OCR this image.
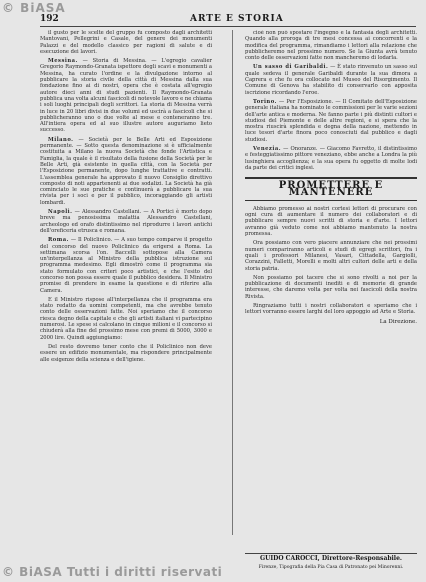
© BiASA
192	ARTE E STORIA

il gusto per le scelte del gruppo fu composto dagli architetti Mantovani, Pellegrini e Casale, del genere dei monumenti Palazzi e del modello classico per ragioni di salute e di esecuzione dei lavori.

Messina. — Storia di Messina. — L'egregio cavalier Gregorio Raymondo-Granata ispettore degli scavi e monumenti a Messina, ha curato l'ordine e la divulgazione intorno al pubblicare la storia civile della città di Messina dalla sua fondazione fino ai di nostri, opera che è costata all'egregio autore dieci anni di studi pazienti. Il Raymondo-Granata pubblica una volta alcuni fascicoli di notevole lavoro e ne chiama i soli luoghi principali degli scrittori. La storia di Messina verrà in luce in 20 libri divisi in due volumi ed uscirà a fascicoli che si pubblicheranno uno o due volte al mese e conteneranno tre. All'intiera opera ed al suo illustre autore auguriamo lieto successo.

Milano. — Società per le Belle Arti ed Esposizione permanente. — Sotto questa denominazione si è ufficialmente costituita a Milano la nuova Società che fonde l'Artistica e Famiglia, la quale è il risultato della fusione della Società per le Belle Arti, già esistente in quella città, con la Società per l'Esposizione permanente, dopo lunghe trattative e contratti. L'assemblea generale ha approvato il nuovo Consiglio direttivo composto di noti appartenenti ai due sodalizi. La Società ha già cominciato le sue pratiche e continuerà a pubblicare la sua rivista per i soci e per il pubblico, incoraggiando gli artisti lombardi.

Napoli. — Alessandro Castellani. — A Portici è morto dopo breve ma penosissima malattia Alessandro Castellani, archeologo ed orafo distintissimo nel riprodurre i lavori antichi dell'oreficeria etrusca e romana.

Roma. — Il Policlinico. — A suo tempo comparve il progetto del concorso del nuovo Policlinico da erigersi a Roma. La settimana scorsa l'on. Baccelli sottopose alla Camera un'interpellanza al Ministro della pubblica istruzione sul programma medesimo. Egli dimostrò come il programma sia stato formulato con criteri poco artistici, e che l'esito del concorso non possa essere quale il pubblico desidera. Il Ministro promise di prendere in esame la questione e di riferire alla Camera.

E il Ministro rispose all'interpellanza che il programma era stato redatto da uomini competenti, ma che avrebbe tenuto conto delle osservazioni fatte. Noi speriamo che il concorso riesca degno della capitale e che gli artisti italiani vi partecipino numerosi. Le spese si calcolano in cinque milioni e il concorso si chiuderà alla fine del prossimo mese con premi di 5000, 3000 e 2000 lire. Quindi aggiungiamo:

Del resto dovremo tener conto che il Policlinico non deve essere un edifizio monumentale, ma rispondere principalmente alle esigenze della scienza e dell'igiene.

cioè non può spostare l'ingegno e la fantasia degli architetti. Quando alla proroga di tre mesi concessa ai concorrenti e la modifica del programma, rimandiamo i lettori alla relazione che pubblicheremo nel prossimo numero. Se la Giunta avrà tenuto conto delle osservazioni fatte non mancheremo di lodarla.

Un sasso di Garibaldi. — È stato rinvenuto un sasso sul quale sedeva il generale Garibaldi durante la sua dimora a Caprera e che fu ora collocato nel Museo del Risorgimento. Il Comune di Genova ha stabilito di conservarlo con apposita iscrizione ricordando l'eroe.

Torino. — Per l'Esposizione. — Il Comitato dell'Esposizione generale italiana ha nominato le commissioni per le varie sezioni dell'arte antica e moderna. Ne fanno parte i più distinti cultori e studiosi del Piemonte e delle altre regioni, e si spera che la mostra riuscirà splendida e degna della nazione, mettendo in luce tesori d'arte finora poco conosciuti dal pubblico e dagli studiosi.

Venezia. — Onoranze. — Giacomo Favretto, il distintissimo e festeggiatissimo pittore veneziano, ebbe anche a Londra la più lusinghiera accoglienza; e la sua opera fu oggetto di molte lodi da parte dei critici inglesi.

PROMETTERE E MANTENERE

Abbiamo promesso ai nostri cortesi lettori di procurare con ogni cura di aumentare il numero dei collaboratori e di pubblicare sempre nuovi scritti di storia e d'arte. I lettori avranno già veduto come noi abbiamo mantenuto la nostra promessa.

Ora possiamo con vero piacere annunziare che nei prossimi numeri compariranno articoli e studi di egregi scrittori, fra i quali i professori Milanesi, Vasari, Cittadella, Gargiolli, Corazzini, Falletti, Morelli e molti altri cultori delle arti e della storia patria.

Non possiamo poi tacere che si sono rivolti a noi per la pubblicazione di documenti inediti e di memorie di grande interesse, che daremo volta per volta nei fascicoli della nostra Rivista.

Ringraziamo tutti i nostri collaboratori e speriamo che i lettori vorranno essere larghi del loro appoggio ad Arte e Storia.

La Direzione.
GUIDO CAROCCI, Direttore-Responsabile.
Firenze, Tipografia della Pia Casa di Patronato pei Minorenni.
© BiASA Tutti i diritti riservati
